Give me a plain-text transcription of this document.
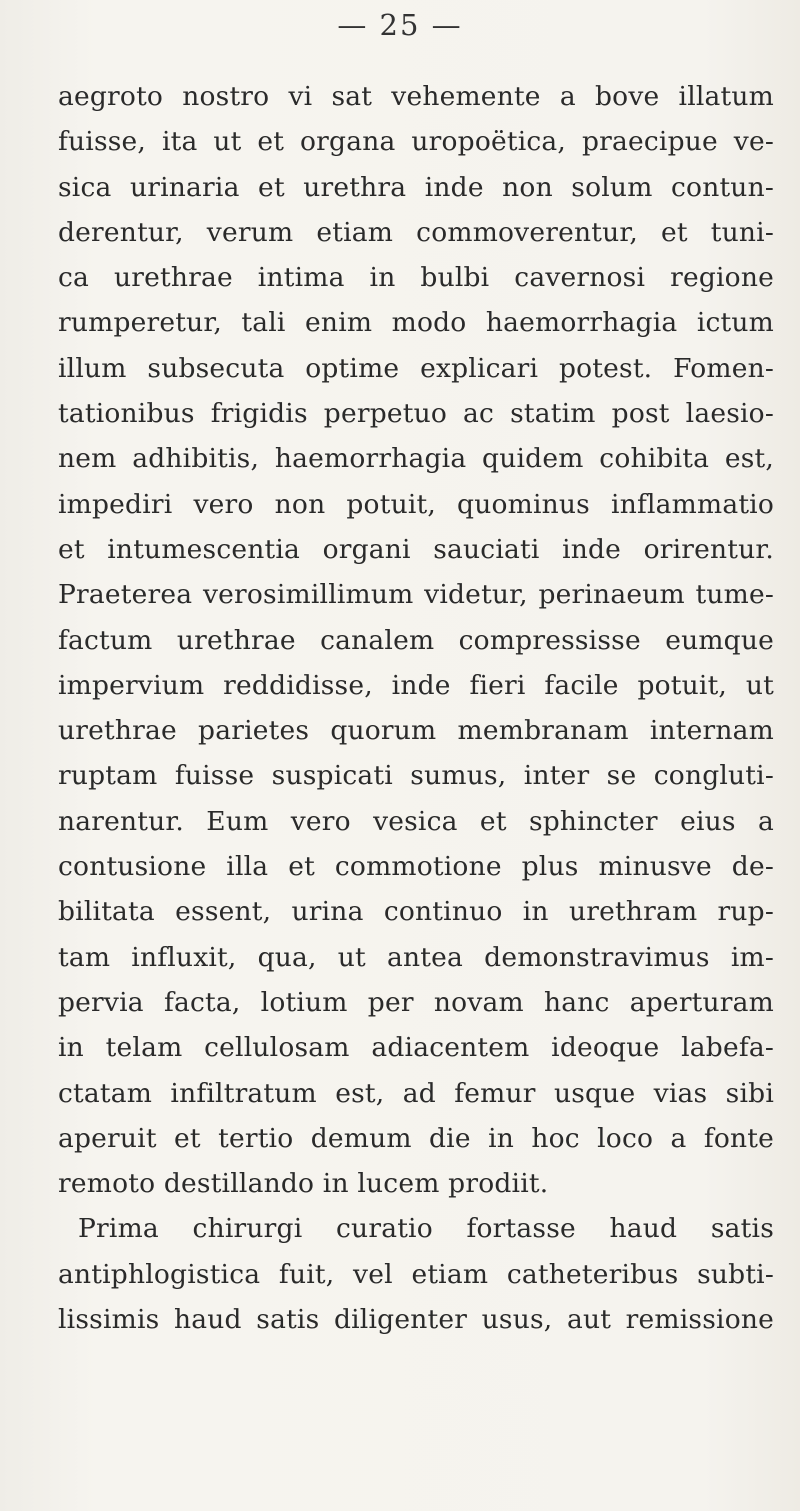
— 25 —
aegroto nostro vi sat vehemente a bove illatum
fuisse, ita ut et organa uropoëtica, praecipue ve-
sica urinaria et urethra inde non solum contun-
derentur, verum etiam commoverentur, et tuni-
ca urethrae intima in bulbi cavernosi regione
rumperetur, tali enim modo haemorrhagia ictum
illum subsecuta optime explicari potest. Fomen-
tationibus frigidis perpetuo ac statim post laesio-
nem adhibitis, haemorrhagia quidem cohibita est,
impediri vero non potuit, quominus inflammatio
et intumescentia organi sauciati inde orirentur.
Praeterea verosimillimum videtur, perinaeum tume-
factum urethrae canalem compressisse eumque
impervium reddidisse, inde fieri facile potuit, ut
urethrae parietes quorum membranam internam
ruptam fuisse suspicati sumus, inter se congluti-
narentur. Eum vero vesica et sphincter eius a
contusione illa et commotione plus minusve de-
bilitata essent, urina continuo in urethram rup-
tam influxit, qua, ut antea demonstravimus im-
pervia facta, lotium per novam hanc aperturam
in telam cellulosam adiacentem ideoque labefa-
ctatam infiltratum est, ad femur usque vias sibi
aperuit et tertio demum die in hoc loco a fonte
remoto destillando in lucem prodiit.
Prima chirurgi curatio fortasse haud satis
antiphlogistica fuit, vel etiam catheteribus subti-
lissimis haud satis diligenter usus, aut remissione
